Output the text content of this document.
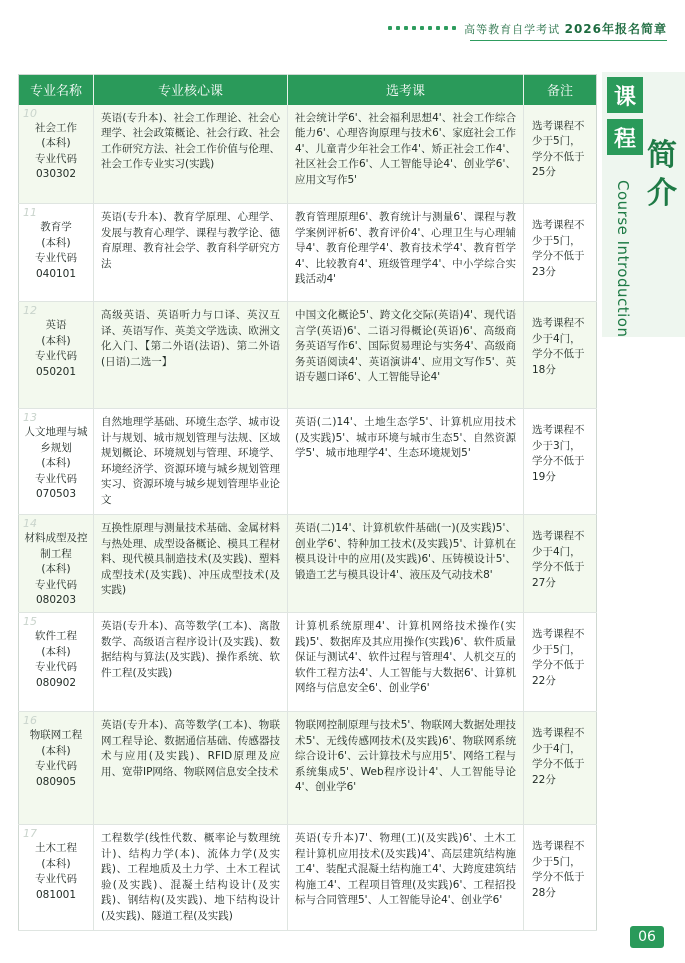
高等教育自学考试 2026年报名简章
专业名称	专业核心课	选考课	备注

10
社会工作
(本科)
专业代码
030302	英语(专升本)、社会工作理论、社会心理学、社会政策概论、社会行政、社会工作研究方法、社会工作价值与伦理、社会工作专业实习(实践)	社会统计学6'、社会福利思想4'、社会工作综合能力6'、心理咨询原理与技术6'、家庭社会工作4'、儿童青少年社会工作4'、矫正社会工作4'、社区社会工作6'、人工智能导论4'、创业学6'、应用文写作5'	选考课程不少于5门，学分不低于25分

11
教育学
(本科)
专业代码
040101	英语(专升本)、教育学原理、心理学、发展与教育心理学、课程与教学论、德育原理、教育社会学、教育科学研究方法	教育管理原理6'、教育统计与测量6'、课程与教学案例评析6'、教育评价4'、心理卫生与心理辅导4'、教育伦理学4'、教育技术学4'、教育哲学4'、比较教育4'、班级管理学4'、中小学综合实践活动4'	选考课程不少于5门，学分不低于23分

12
英语
(本科)
专业代码
050201	高级英语、英语听力与口译、英汉互译、英语写作、英美文学选读、欧洲文化入门、【第二外语(法语)、第二外语(日语)二选一】	中国文化概论5'、跨文化交际(英语)4'、现代语言学(英语)6'、二语习得概论(英语)6'、高级商务英语写作6'、国际贸易理论与实务4'、高级商务英语阅读4'、英语演讲4'、应用文写作5'、英语专题口译6'、人工智能导论4'	选考课程不少于4门，学分不低于18分

13
人文地理与城乡规划
(本科)
专业代码
070503	自然地理学基础、环境生态学、城市设计与规划、城市规划管理与法规、区域规划概论、环境规划与管理、环境学、环境经济学、资源环境与城乡规划管理实习、资源环境与城乡规划管理毕业论文	英语(二)14'、土地生态学5'、计算机应用技术(及实践)5'、城市环境与城市生态5'、自然资源学5'、城市地理学4'、生态环境规划5'	选考课程不少于3门，学分不低于19分

14
材料成型及控制工程
(本科)
专业代码
080203	互换性原理与测量技术基础、金属材料与热处理、成型设备概论、模具工程材料、现代模具制造技术(及实践)、塑料成型技术(及实践)、冲压成型技术(及实践)	英语(二)14'、计算机软件基础(一)(及实践)5'、创业学6'、特种加工技术(及实践)5'、计算机在模具设计中的应用(及实践)6'、压铸模设计5'、锻造工艺与模具设计4'、液压及气动技术8'	选考课程不少于4门，学分不低于27分

15
软件工程
(本科)
专业代码
080902	英语(专升本)、高等数学(工本)、离散数学、高级语言程序设计(及实践)、数据结构与算法(及实践)、操作系统、软件工程(及实践)	计算机系统原理4'、计算机网络技术操作(实践)5'、数据库及其应用操作(实践)6'、软件质量保证与测试4'、软件过程与管理4'、人机交互的软件工程方法4'、人工智能与大数据6'、计算机网络与信息安全6'、创业学6'	选考课程不少于5门，学分不低于22分

16
物联网工程
(本科)
专业代码
080905	英语(专升本)、高等数学(工本)、物联网工程导论、数据通信基础、传感器技术与应用(及实践)、RFID原理及应用、宽带IP网络、物联网信息安全技术	物联网控制原理与技术5'、物联网大数据处理技术5'、无线传感网技术(及实践)6'、物联网系统综合设计6'、云计算技术与应用5'、网络工程与系统集成5'、Web程序设计4'、人工智能导论4'、创业学6'	选考课程不少于4门，学分不低于22分

17
土木工程
(本科)
专业代码
081001	工程数学(线性代数、概率论与数理统计)、结构力学(本)、流体力学(及实践)、工程地质及土力学、土木工程试验(及实践)、混凝土结构设计(及实践)、钢结构(及实践)、地下结构设计(及实践)、隧道工程(及实践)	英语(专升本)7'、物理(工)(及实践)6'、土木工程计算机应用技术(及实践)4'、高层建筑结构施工4'、装配式混凝土结构施工4'、大跨度建筑结构施工4'、工程项目管理(及实践)6'、工程招投标与合同管理5'、人工智能导论4'、创业学6'	选考课程不少于5门，学分不低于28分
课
程 简
介
Course Introduction
06
